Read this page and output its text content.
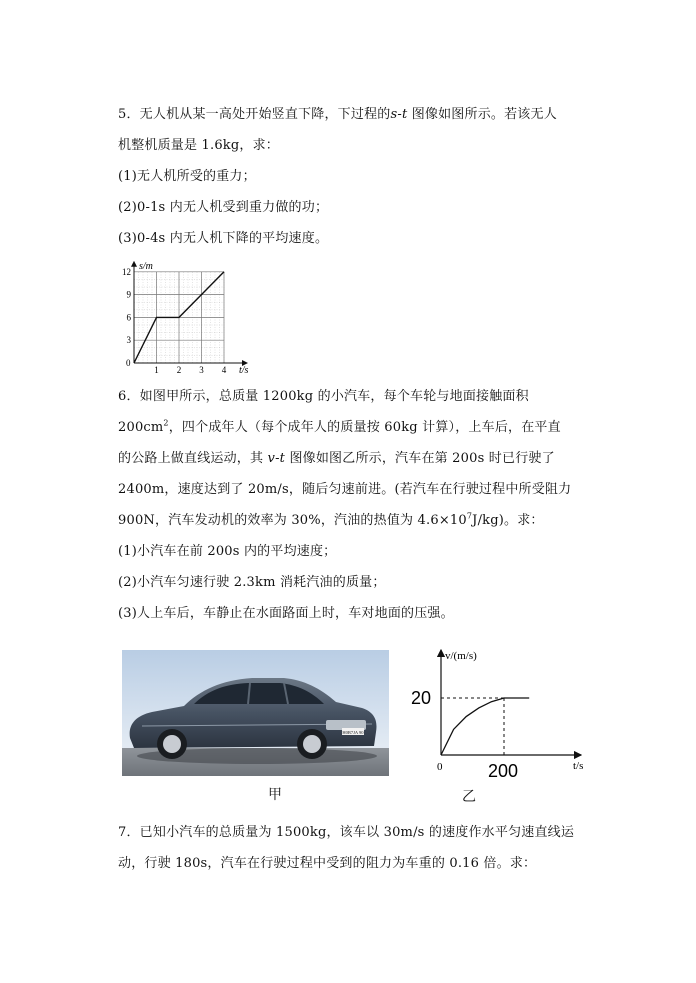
5．无人机从某一高处开始竖直下降，下过程的s-t 图像如图所示。若该无人
机整机质量是 1.6kg，求：
(1)无人机所受的重力；
(2)0-1s 内无人机受到重力做的功；
(3)0-4s 内无人机下降的平均速度。
1 2 3 4
3
6
9
12 s/m
t/s
0
6．如图甲所示，总质量 1200kg 的小汽车，每个车轮与地面接触面积
$200cm^2$，四个成年人（每个成年人的质量按 60kg 计算），上车后，在平直
的公路上做直线运动，其 v-t 图像如图乙所示，汽车在第 200s 时已行驶了
2400m，速度达到了 20m/s，随后匀速前进。(若汽车在行驶过程中所受阻力
900N，汽车发动机的效率为 30%，汽油的热值为 $4.6\times 10^7J/kg$)。求：
(1)小汽车在前 200s 内的平均速度；
(2)小汽车匀速行驶 2.3km 消耗汽油的质量；
(3)人上车后，车静止在水面路面上时，车对地面的压强。
H0B7JA 90
v/(m/s)
t/s
0
20
200
甲	乙
7．已知小汽车的总质量为 1500kg，该车以 30m/s 的速度作水平匀速直线运
动，行驶 180s，汽车在行驶过程中受到的阻力为车重的 0.16 倍。求：
